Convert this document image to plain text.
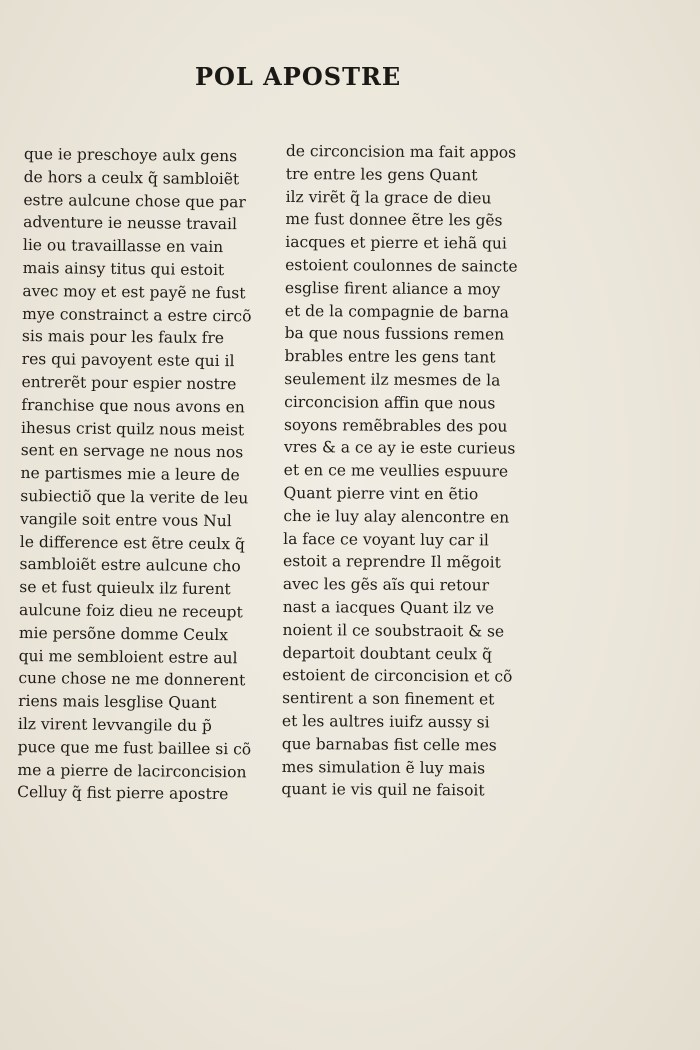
POL APOSTRE
que ie preschoye aulx gens
de hors a ceulx q̃ sambloiẽt
estre aulcune chose que par
adventure ie neusse travail
lie ou travaillasse en vain
mais ainsy titus qui estoit
avec moy et est payẽ ne fust
mye constrainct a estre circõ
sis mais pour les faulx fre
res qui pavoyent este qui il
entrerẽt pour espier nostre
franchise que nous avons en
ihesus crist quilz nous meist
sent en servage ne nous nos
ne partismes mie a leure de
subiectiõ que la verite de leu
vangile soit entre vous Nul
le difference est ẽtre ceulx q̃
sambloiẽt estre aulcune cho
se et fust quieulx ilz furent
aulcune foiz dieu ne receupt
mie persõne domme Ceulx
qui me sembloient estre aul
cune chose ne me donnerent
riens mais lesglise Quant
ilz virent levvangile du p̃
puce que me fust baillee si cõ
me a pierre de lacirconcision
Celluy q̃ fist pierre apostre
de circoncision ma fait appos
tre entre les gens Quant
ilz virẽt q̃ la grace de dieu
me fust donnee ẽtre les gẽs
iacques et pierre et iehã qui
estoient coulonnes de saincte
esglise firent aliance a moy
et de la compagnie de barna
ba que nous fussions remen
brables entre les gens tant
seulement ilz mesmes de la
circoncision affin que nous
soyons remẽbrables des pou
vres & a ce ay ie este curieus
et en ce me veullies espuure
Quant pierre vint en ẽtio
che ie luy alay alencontre en
la face ce voyant luy car il
estoit a reprendre Il mẽgoit
avec les gẽs aĩs qui retour
nast a iacques Quant ilz ve
noient il ce soubstraoit & se
departoit doubtant ceulx q̃
estoient de circoncision et cõ
sentirent a son finement et
et les aultres iuifz aussy si
que barnabas fist celle mes
mes simulation ẽ luy mais
quant ie vis quil ne faisoit
